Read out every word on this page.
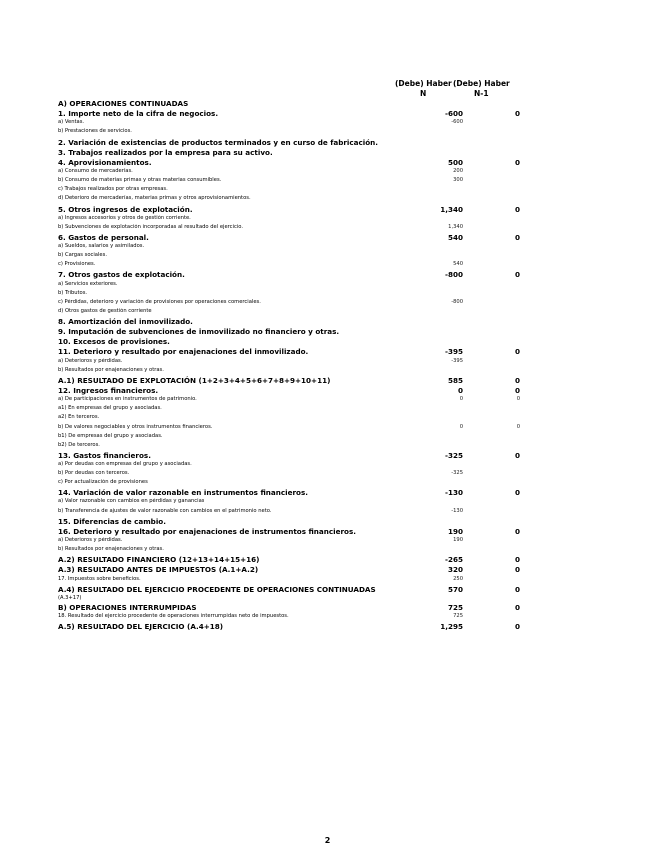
(Debe) Haber (Debe) Haber
N	N-1
A) OPERACIONES CONTINUADAS
1. Importe neto de la cifra de negocios.	-600	0
a) Ventas.	-600
b) Prestaciones de servicios.
2. Variación de existencias de productos terminados y en curso de fabricación.
3. Trabajos realizados por la empresa para su activo.
4. Aprovisionamientos.	500	0
a) Consumo de mercaderías.	200
b) Consumo de materias primas y otras materias consumibles.	300
c) Trabajos realizados por otras empresas.
d) Deterioro de mercaderías, materias primas y otros aprovisionamientos.
5. Otros ingresos de explotación.	1,340	0
a) Ingresos accesorios y otros de gestión corriente.
b) Subvenciones de explotación incorporadas al resultado del ejercicio.	1,340
6. Gastos de personal.	540	0
a) Sueldos, salarios y asimilados.
b) Cargas sociales.
c) Provisiones.	540
7. Otros gastos de explotación.	-800	0
a) Servicios exteriores.
b) Tributos.
c) Pérdidas, deterioro y variación de provisiones por operaciones comerciales.	-800
d) Otros gastos de gestión corriente
8. Amortización del inmovilizado.
9. Imputación de subvenciones de inmovilizado no financiero y otras.
10. Excesos de provisiones.
11. Deterioro y resultado por enajenaciones del inmovilizado.	-395	0
a) Deterioros y pérdidas.	-395
b) Resultados por enajenaciones y otras.
A.1) RESULTADO DE EXPLOTACIÓN (1+2+3+4+5+6+7+8+9+10+11)	585	0
12. Ingresos financieros.	0	0
a) De participaciones en instrumentos de patrimonio.	0	0
a1) En empresas del grupo y asociadas.
a2) En terceros.
b) De valores negociables y otros instrumentos financieros.	0	0
b1) De empresas del grupo y asociadas.
b2) De terceros.
13. Gastos financieros.	-325	0
a) Por deudas con empresas del grupo y asociadas.
b) Por deudas con terceros.	-325
c) Por actualización de provisiones
14. Variación de valor razonable en instrumentos financieros.	-130	0
a) Valor razonable con cambios en pérdidas y ganancias
b) Transferencia de ajustes de valor razonable con cambios en el patrimonio neto.	-130
15. Diferencias de cambio.
16. Deterioro y resultado por enajenaciones de instrumentos financieros.	190	0
a) Deterioros y pérdidas.	190
b) Resultados por enajenaciones y otras.
A.2) RESULTADO FINANCIERO (12+13+14+15+16)	-265	0
A.3) RESULTADO ANTES DE IMPUESTOS (A.1+A.2)	320	0
17. Impuestos sobre beneficios.	250
A.4) RESULTADO DEL EJERCICIO PROCEDENTE DE OPERACIONES CONTINUADAS	570	0
(A.3+17)
B) OPERACIONES INTERRUMPIDAS	725	0
18. Resultado del ejercicio procedente de operaciones interrumpidas neto de impuestos.	725
A.5) RESULTADO DEL EJERCICIO (A.4+18)	1,295	0
2
